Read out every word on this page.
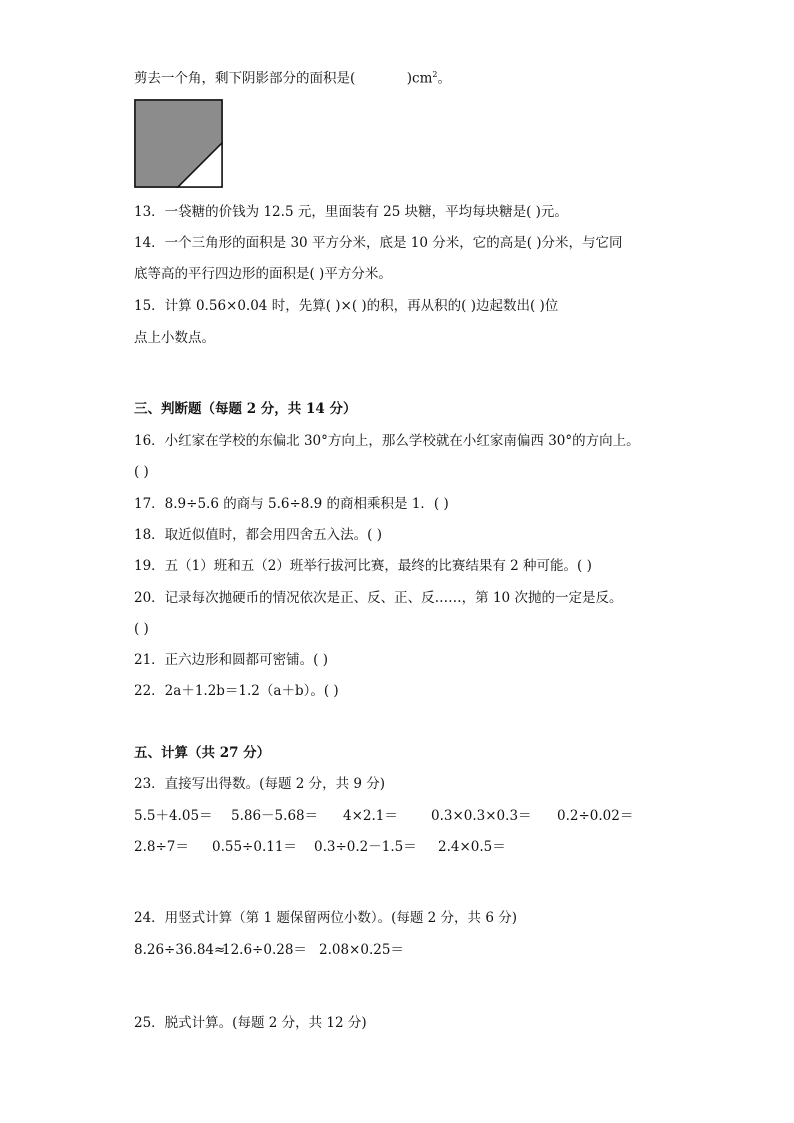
剪去一个角，剩下阴影部分的面积是(	)$cm^2$。
13．一袋糖的价钱为 12.5 元，里面装有 25 块糖，平均每块糖是( )元。
14．一个三角形的面积是 30 平方分米，底是 10 分米，它的高是( )分米，与它同
底等高的平行四边形的面积是( )平方分米。
15．计算 0.56×0.04 时，先算( )×( )的积，再从积的( )边起数出( )位
点上小数点。
三、判断题（每题 2 分，共 14 分）
16．小红家在学校的东偏北 30°方向上，那么学校就在小红家南偏西 30°的方向上。
( )
17．8.9÷5.6 的商与 5.6÷8.9 的商相乘积是 1．( )
18．取近似值时，都会用四舍五入法。( )
19．五（1）班和五（2）班举行拔河比赛，最终的比赛结果有 2 种可能。( )
20．记录每次抛硬币的情况依次是正、反、正、反……，第 10 次抛的一定是反。
( )
21．正六边形和圆都可密铺。( )
22．2a＋1.2b＝1.2（a＋b）。( )
五、计算（共 27 分）
23．直接写出得数。(每题 2 分，共 9 分)
5.5＋4.05＝ 5.86－5.68＝ 4×2.1＝ 0.3×0.3×0.3＝ 0.2÷0.02＝
2.8÷7＝ 0.55÷0.11＝ 0.3÷0.2－1.5＝ 2.4×0.5＝
24．用竖式计算（第 1 题保留两位小数）。(每题 2 分，共 6 分)
8.26÷36.84≈
12.6÷0.28＝ 2.08×0.25＝
25．脱式计算。(每题 2 分，共 12 分)
